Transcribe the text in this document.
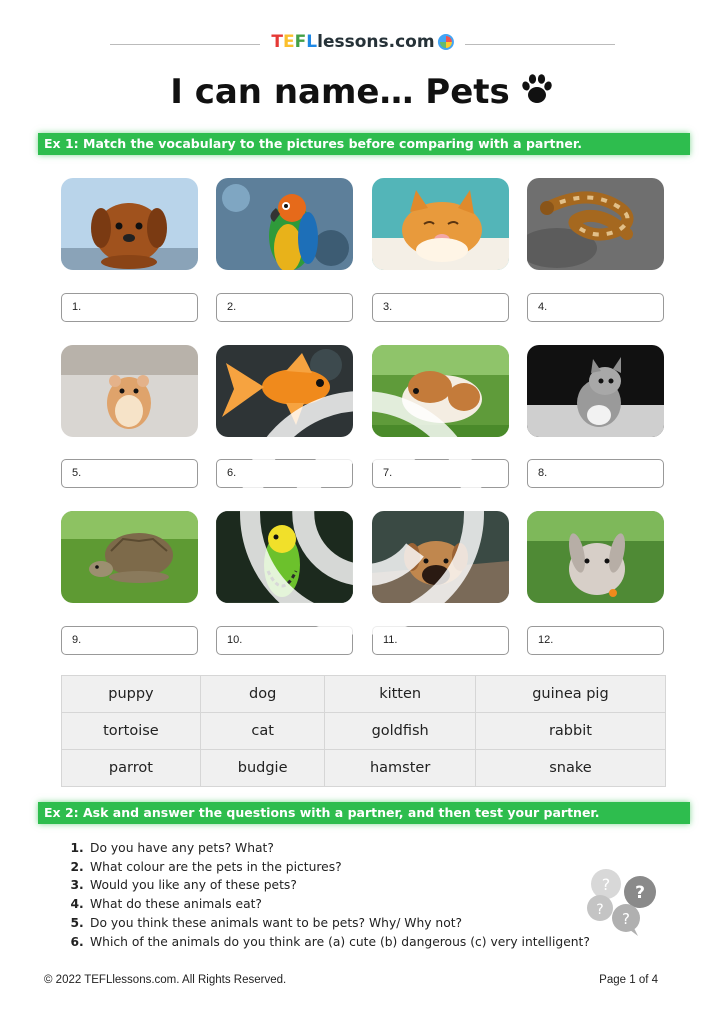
TEFLlessons.com
I can name… Pets
Ex 1: Match the vocabulary to the pictures before comparing with a partner.
1.	2.	3.	4.
5.	6.	7.	8.
9.	10.	11.	12.
puppy	dog	kitten	guinea pig
tortoise	cat	goldfish	rabbit
parrot	budgie	hamster	snake
Ex 2: Ask and answer the questions with a partner, and then test your partner.
1. Do you have any pets? What?
2. What colour are the pets in the pictures?
3. Would you like any of these pets?
4. What do these animals eat?
5. Do you think these animals want to be pets? Why/ Why not?
6. Which of the animals do you think are (a) cute (b) dangerous (c) very intelligent?
? ?
? ?
© 2022 TEFLlessons.com. All Rights Reserved.	Page 1 of 4
